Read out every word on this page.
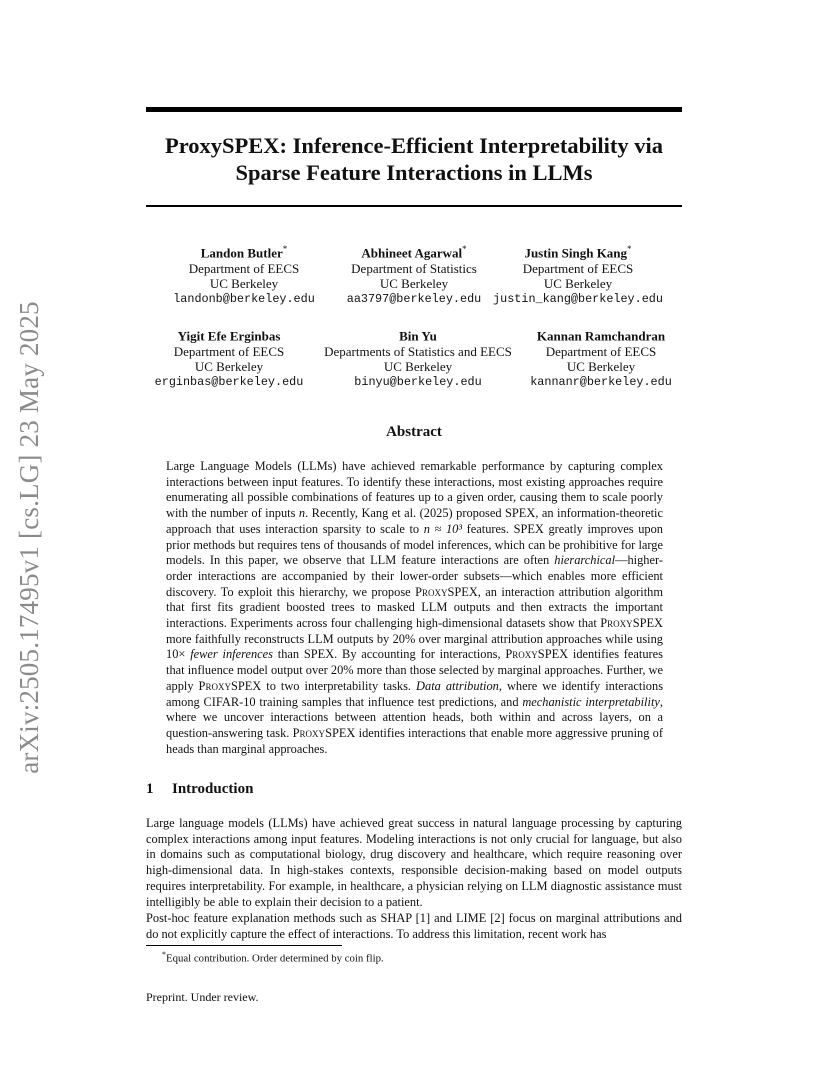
arXiv:2505.17495v1 [cs.LG] 23 May 2025
ProxySPEX: Inference-Efficient Interpretability via
Sparse Feature Interactions in LLMs
Landon Butler*
Department of EECS
UC Berkeley
landonb@berkeley.edu
Abhineet Agarwal*
Department of Statistics
UC Berkeley
aa3797@berkeley.edu
Justin Singh Kang*
Department of EECS
UC Berkeley
justin_kang@berkeley.edu
Yigit Efe Erginbas
Department of EECS
UC Berkeley
erginbas@berkeley.edu
Bin Yu
Departments of Statistics and EECS
UC Berkeley
binyu@berkeley.edu
Kannan Ramchandran
Department of EECS
UC Berkeley
kannanr@berkeley.edu
Abstract

Large Language Models (LLMs) have achieved remarkable performance by capturing complex interactions between input features. To identify these interactions, most existing approaches require enumerating all possible combinations of features up to a given order, causing them to scale poorly with the number of inputs n. Recently, Kang et al. (2025) proposed SPEX, an information-theoretic approach that uses interaction sparsity to scale to n ≈ 10³ features. SPEX greatly improves upon prior methods but requires tens of thousands of model inferences, which can be prohibitive for large models. In this paper, we observe that LLM feature interactions are often hierarchical—higher-order interactions are accompanied by their lower-order subsets—which enables more efficient discovery. To exploit this hierarchy, we propose ProxySPEX, an interaction attribution algorithm that first fits gradient boosted trees to masked LLM outputs and then extracts the important interactions. Experiments across four challenging high-dimensional datasets show that ProxySPEX more faithfully reconstructs LLM outputs by 20% over marginal attribution approaches while using 10× fewer inferences than SPEX. By accounting for interactions, ProxySPEX identifies features that influence model output over 20% more than those selected by marginal approaches. Further, we apply ProxySPEX to two interpretability tasks. Data attribution, where we identify interactions among CIFAR-10 training samples that influence test predictions, and mechanistic interpretability, where we uncover interactions between attention heads, both within and across layers, on a question-answering task. ProxySPEX identifies interactions that enable more aggressive pruning of heads than marginal approaches.

1 Introduction

Large language models (LLMs) have achieved great success in natural language processing by capturing complex interactions among input features. Modeling interactions is not only crucial for language, but also in domains such as computational biology, drug discovery and healthcare, which require reasoning over high-dimensional data. In high-stakes contexts, responsible decision-making based on model outputs requires interpretability. For example, in healthcare, a physician relying on LLM diagnostic assistance must intelligibly be able to explain their decision to a patient.

Post-hoc feature explanation methods such as SHAP [1] and LIME [2] focus on marginal attributions and do not explicitly capture the effect of interactions. To address this limitation, recent work has

*Equal contribution. Order determined by coin flip.

Preprint. Under review.
